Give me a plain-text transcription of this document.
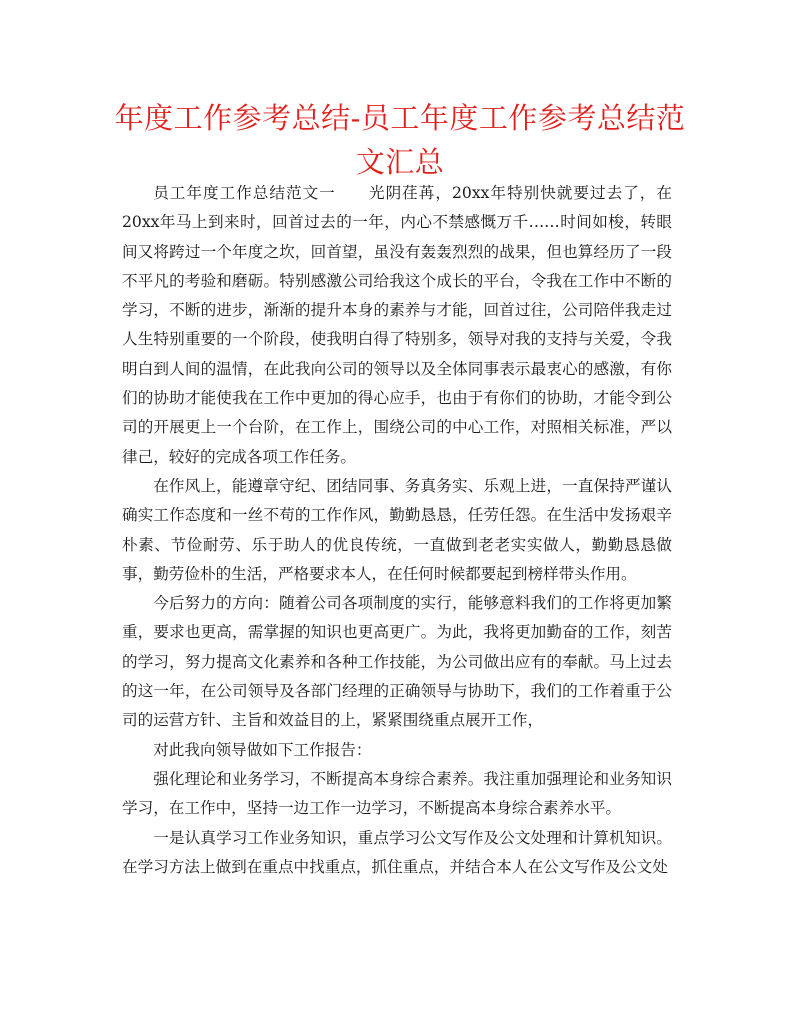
年度工作参考总结-员工年度工作参考总结范文汇总

员工年度工作总结范文一　　光阴荏苒，20xx年特别快就要过去了，在20xx年马上到来时，回首过去的一年，内心不禁感慨万千……时间如梭，转眼间又将跨过一个年度之坎，回首望，虽没有轰轰烈烈的战果，但也算经历了一段不平凡的考验和磨砺。特别感激公司给我这个成长的平台，令我在工作中不断的学习，不断的进步，渐渐的提升本身的素养与才能，回首过往，公司陪伴我走过人生特别重要的一个阶段，使我明白得了特别多，领导对我的支持与关爱，令我明白到人间的温情，在此我向公司的领导以及全体同事表示最衷心的感激，有你们的协助才能使我在工作中更加的得心应手，也由于有你们的协助，才能令到公司的开展更上一个台阶，在工作上，围绕公司的中心工作，对照相关标准，严以律己，较好的完成各项工作任务。

在作风上，能遵章守纪、团结同事、务真务实、乐观上进，一直保持严谨认确实工作态度和一丝不苟的工作作风，勤勤恳恳，任劳任怨。在生活中发扬艰辛朴素、节俭耐劳、乐于助人的优良传统，一直做到老老实实做人，勤勤恳恳做事，勤劳俭朴的生活，严格要求本人，在任何时候都要起到榜样带头作用。

今后努力的方向：随着公司各项制度的实行，能够意料我们的工作将更加繁重，要求也更高，需掌握的知识也更高更广。为此，我将更加勤奋的工作，刻苦的学习，努力提高文化素养和各种工作技能，为公司做出应有的奉献。马上过去的这一年，在公司领导及各部门经理的正确领导与协助下，我们的工作着重于公司的运营方针、主旨和效益目的上，紧紧围绕重点展开工作，

对此我向领导做如下工作报告：

强化理论和业务学习，不断提高本身综合素养。我注重加强理论和业务知识学习，在工作中，坚持一边工作一边学习，不断提高本身综合素养水平。

一是认真学习工作业务知识，重点学习公文写作及公文处理和计算机知识。在学习方法上做到在重点中找重点，抓住重点，并结合本人在公文写作及公文处
